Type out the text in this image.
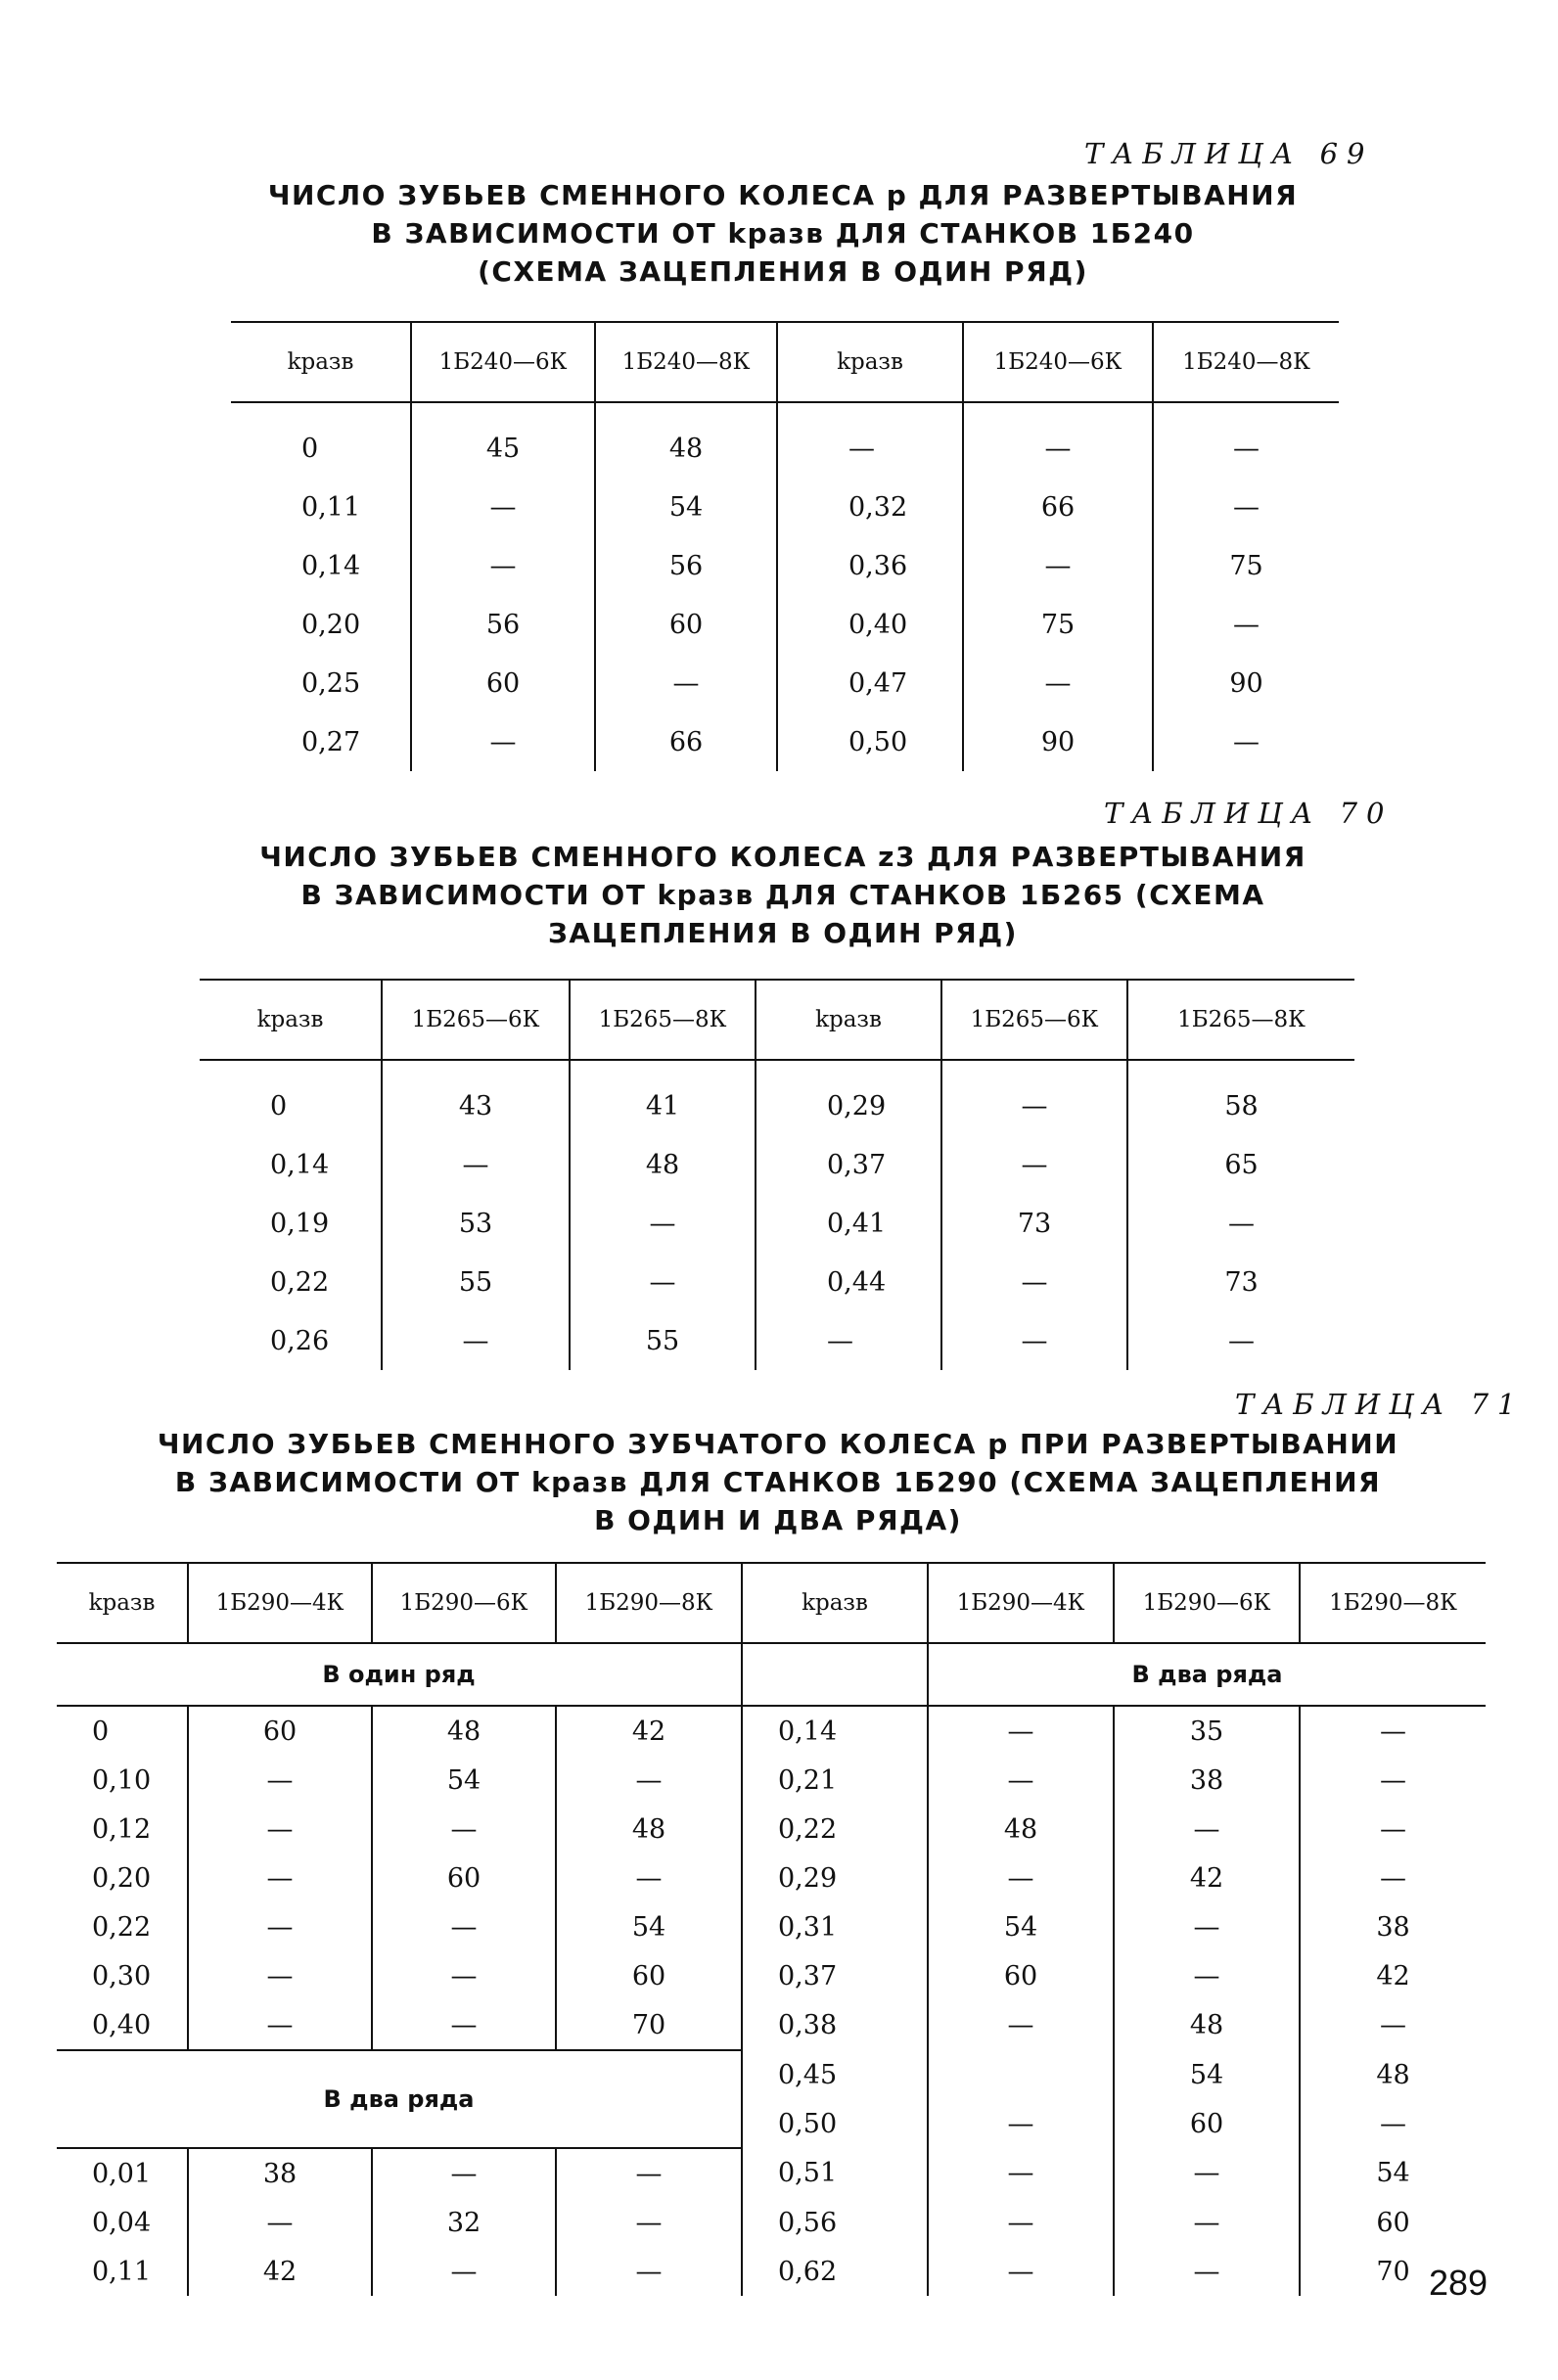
ТАБЛИЦА 69
ЧИСЛО ЗУБЬЕВ СМЕННОГО КОЛЕСА p ДЛЯ РАЗВЕРТЫВАНИЯ
В ЗАВИСИМОСТИ ОТ kразв ДЛЯ СТАНКОВ 1Б240
(СХЕМА ЗАЦЕПЛЕНИЯ В ОДИН РЯД)
kразв	1Б240—6К	1Б240—8К	kразв	1Б240—6К	1Б240—8К

0	45	48	—	—	—
0,11	—	54	0,32	66	—
0,14	—	56	0,36	—	75
0,20	56	60	0,40	75	—
0,25	60	—	0,47	—	90
0,27	—	66	0,50	90	—
ТАБЛИЦА 70
ЧИСЛО ЗУБЬЕВ СМЕННОГО КОЛЕСА z3 ДЛЯ РАЗВЕРТЫВАНИЯ
В ЗАВИСИМОСТИ ОТ kразв ДЛЯ СТАНКОВ 1Б265 (СХЕМА
ЗАЦЕПЛЕНИЯ В ОДИН РЯД)
kразв	1Б265—6К	1Б265—8К	kразв	1Б265—6К	1Б265—8К

0	43	41	0,29	—	58
0,14	—	48	0,37	—	65
0,19	53	—	0,41	73	—
0,22	55	—	0,44	—	73
0,26	—	55	—	—	—
ТАБЛИЦА 71
ЧИСЛО ЗУБЬЕВ СМЕННОГО ЗУБЧАТОГО КОЛЕСА p ПРИ РАЗВЕРТЫВАНИИ
В ЗАВИСИМОСТИ ОТ kразв ДЛЯ СТАНКОВ 1Б290 (СХЕМА ЗАЦЕПЛЕНИЯ
В ОДИН И ДВА РЯДА)
kразв	1Б290—4К	1Б290—6К	1Б290—8К	kразв	1Б290—4К	1Б290—6К	1Б290—8К
В один ряд					В два ряда		
0	60	48	42	0,14	—	35	—
0,10	—	54	—	0,21	—	38	—
0,12	—	—	48	0,22	48	—	—
0,20	—	60	—	0,29	—	42	—
0,22	—	—	54	0,31	54	—	38
0,30	—	—	60	0,37	60	—	42
0,40	—	—	70	0,38	—	48	—
В два ряда				0,45		54	48
				0,50	—	60	—
0,01	38	—	—	0,51	—	—	54
0,04	—	32	—	0,56	—	—	60
0,11	42	—	—	0,62	—	—	70 289
